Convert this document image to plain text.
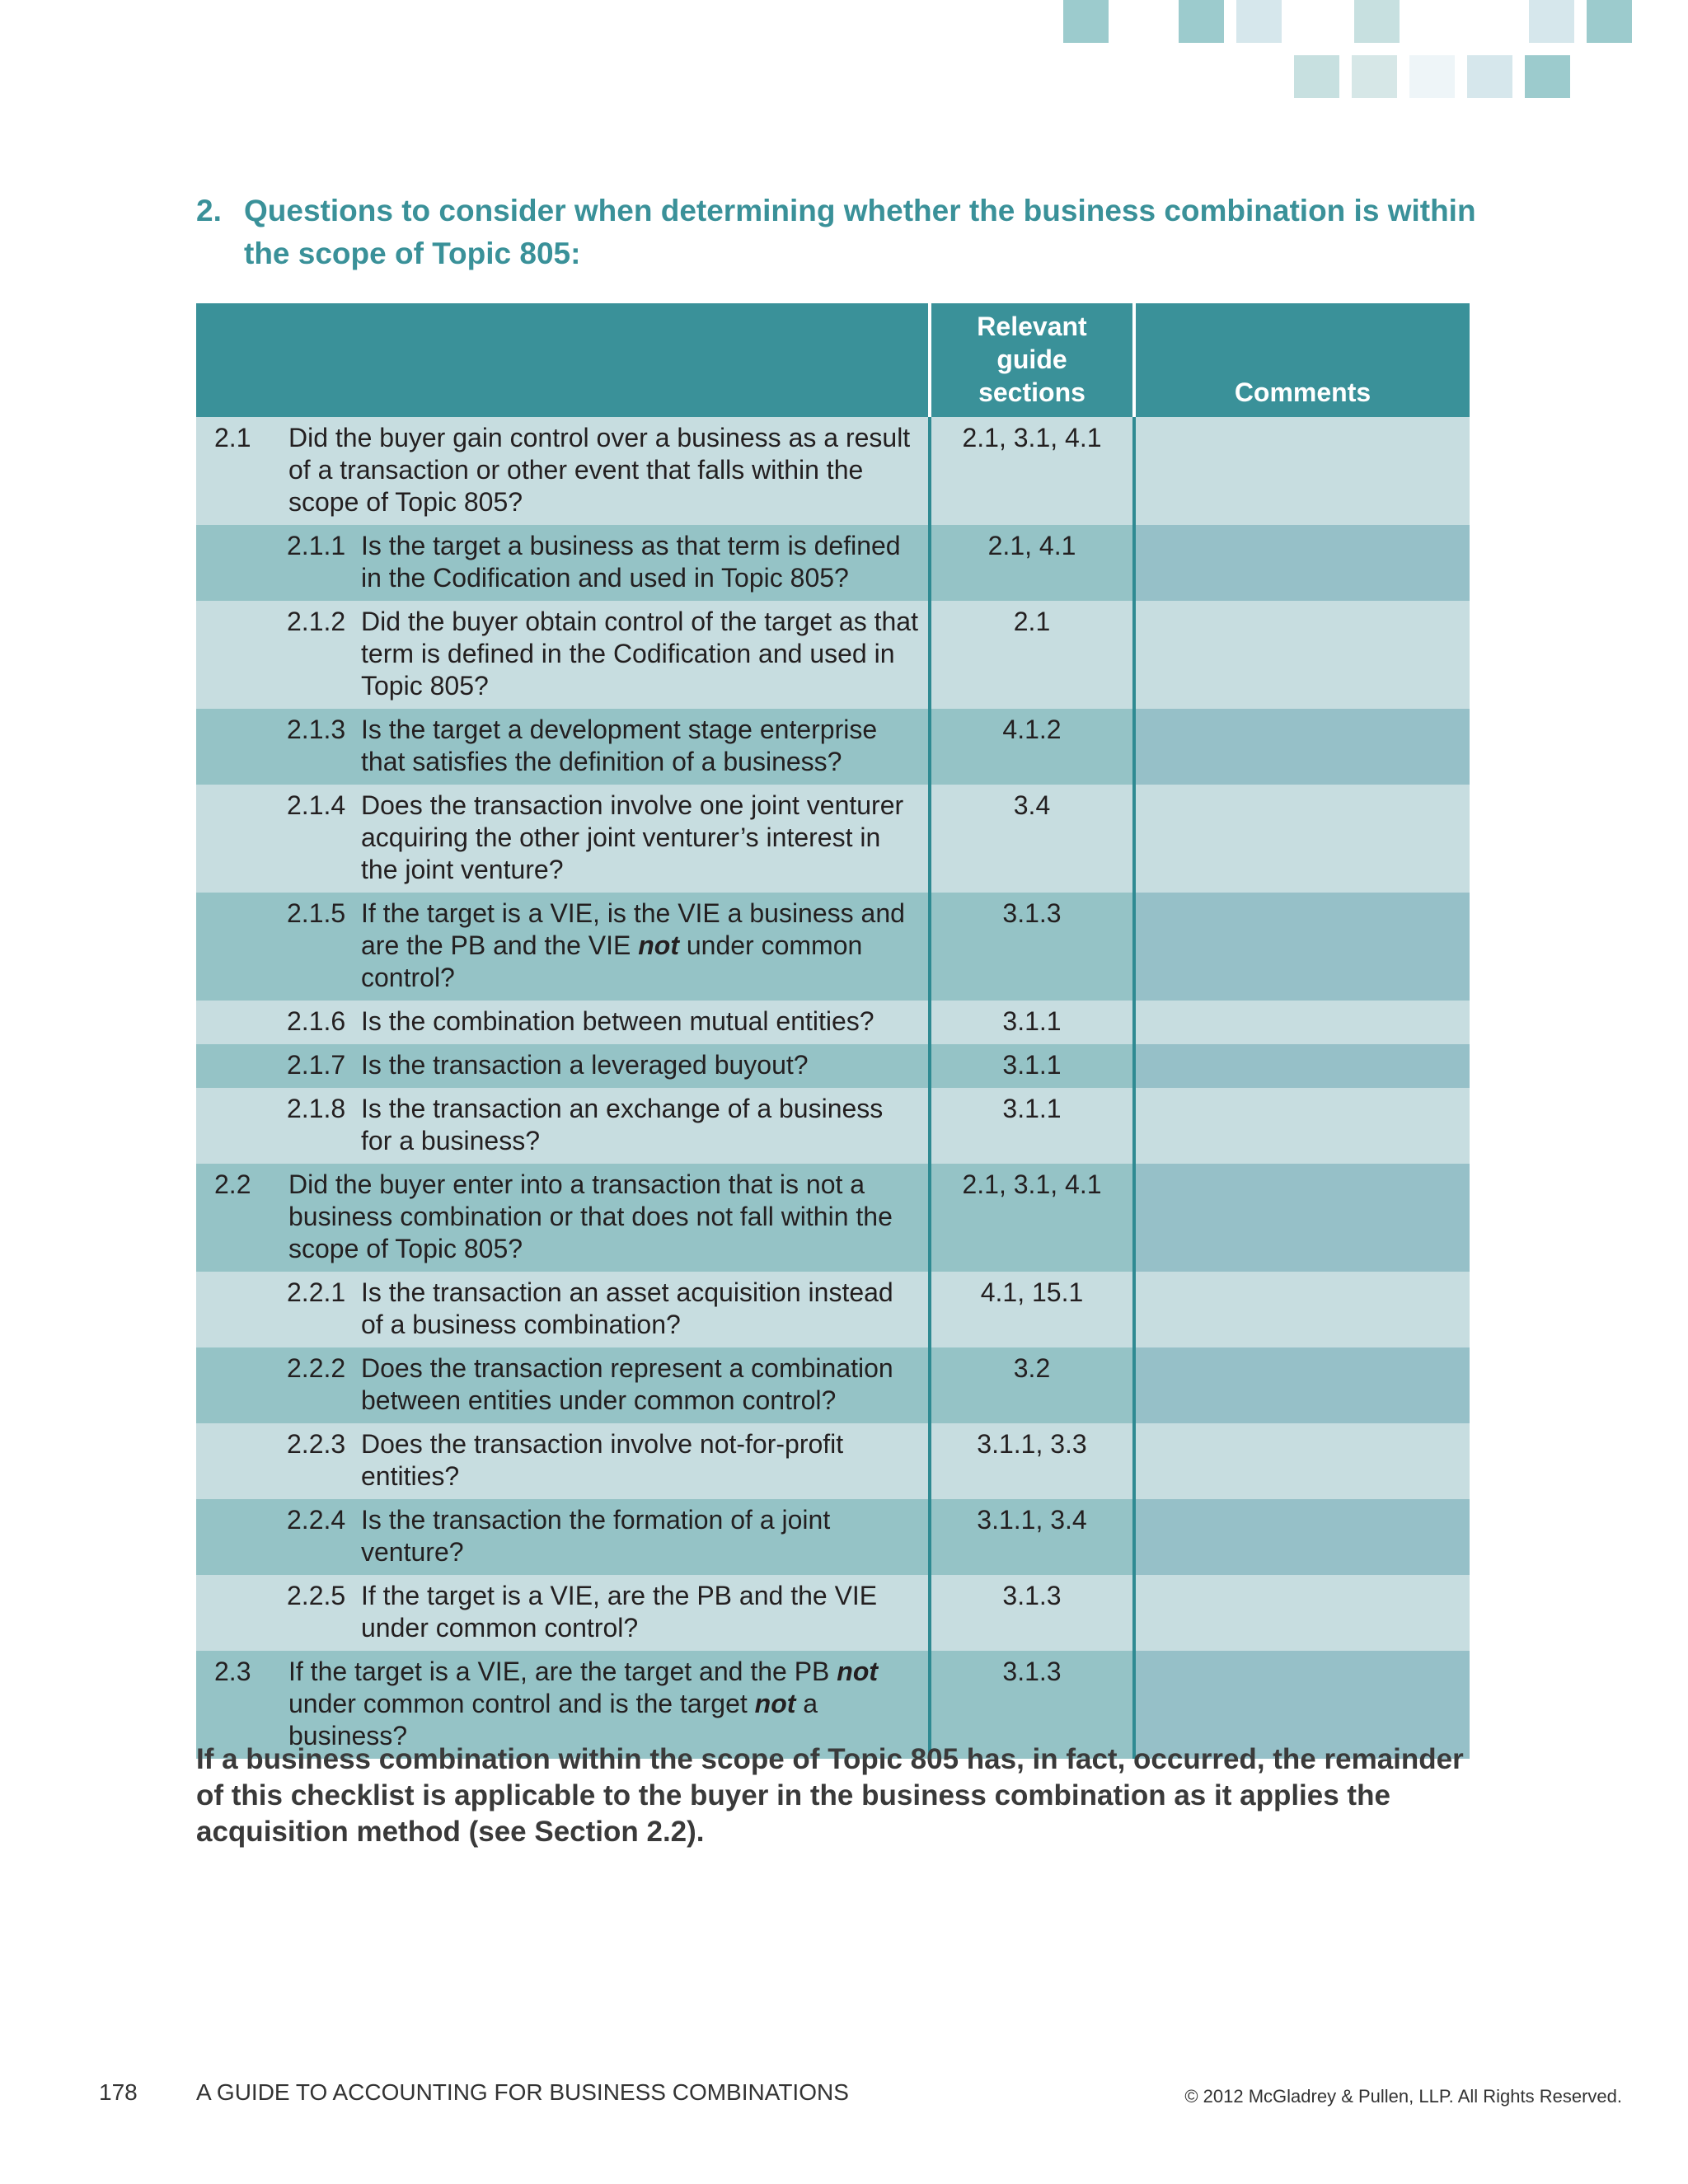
2. Questions to consider when determining whether the business combination is within the scope of Topic 805:
	Relevant guide sections	Comments

2.1 Did the buyer gain control over a business as a result of a transaction or other event that falls within the scope of Topic 805?	2.1, 3.1, 4.1	

2.1.1 Is the target a business as that term is defined in the Codification and used in Topic 805?	2.1, 4.1	

2.1.2 Did the buyer obtain control of the target as that term is defined in the Codification and used in Topic 805?	2.1	

2.1.3 Is the target a development stage enterprise that satisfies the definition of a business?	4.1.2	

2.1.4 Does the transaction involve one joint venturer acquiring the other joint venturer’s interest in the joint venture?	3.4	

2.1.5 If the target is a VIE, is the VIE a business and are the PB and the VIE not under common control?	3.1.3	

2.1.6 Is the combination between mutual entities?	3.1.1	

2.1.7 Is the transaction a leveraged buyout?	3.1.1	

2.1.8 Is the transaction an exchange of a business for a business?	3.1.1	

2.2 Did the buyer enter into a transaction that is not a business combination or that does not fall within the scope of Topic 805?	2.1, 3.1, 4.1	

2.2.1 Is the transaction an asset acquisition instead of a business combination?	4.1, 15.1	

2.2.2 Does the transaction represent a combination between entities under common control?	3.2	

2.2.3 Does the transaction involve not-for-profit entities?	3.1.1, 3.3	

2.2.4 Is the transaction the formation of a joint venture?	3.1.1, 3.4	

2.2.5 If the target is a VIE, are the PB and the VIE under common control?	3.1.3	

2.3 If the target is a VIE, are the target and the PB not under common control and is the target not a business?	3.1.3	
If a business combination within the scope of Topic 805 has, in fact, occurred, the remainder of this checklist is applicable to the buyer in the business combination as it applies the acquisition method (see Section 2.2).
178	A GUIDE TO ACCOUNTING FOR BUSINESS COMBINATIONS	© 2012 McGladrey & Pullen, LLP. All Rights Reserved.
